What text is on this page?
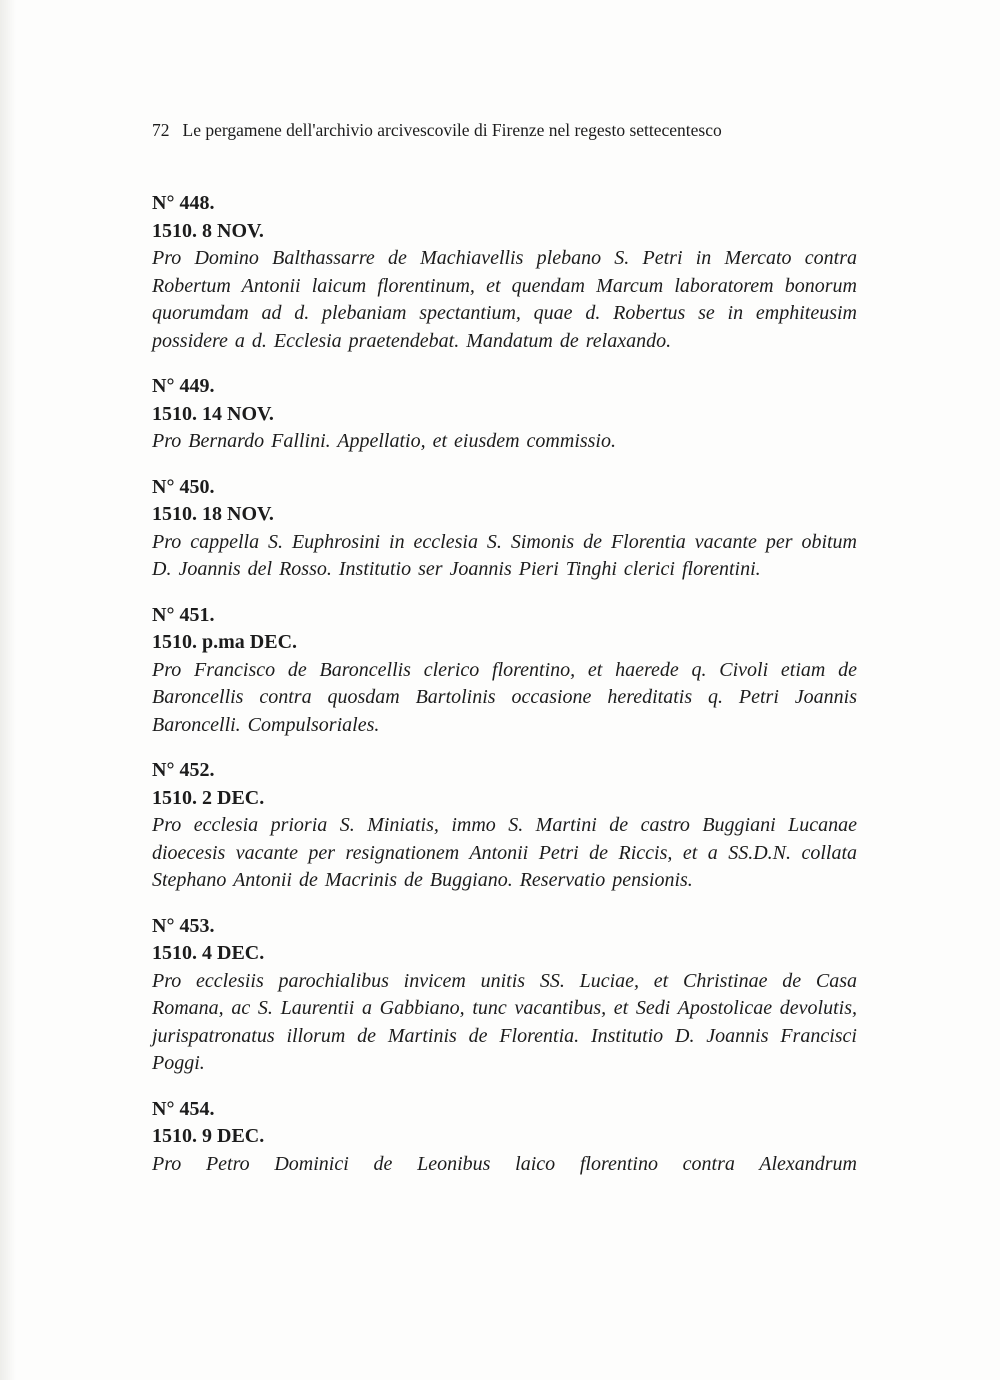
72 Le pergamene dell'archivio arcivescovile di Firenze nel regesto settecentesco
N° 448.
1510. 8 NOV.

Pro Domino Balthassarre de Machiavellis plebano S. Petri in Mercato contra Robertum Antonii laicum florentinum, et quendam Marcum laboratorem bonorum quorumdam ad d. plebaniam spectantium, quae d. Robertus se in emphiteusim possidere a d. Ecclesia praetendebat. Mandatum de relaxando.

N° 449.
1510. 14 NOV.

Pro Bernardo Fallini. Appellatio, et eiusdem commissio.

N° 450.
1510. 18 NOV.

Pro cappella S. Euphrosini in ecclesia S. Simonis de Florentia vacante per obitum D. Joannis del Rosso. Institutio ser Joannis Pieri Tinghi clerici florentini.

N° 451.
1510. p.ma DEC.

Pro Francisco de Baroncellis clerico florentino, et haerede q. Civoli etiam de Baroncellis contra quosdam Bartolinis occasione hereditatis q. Petri Joannis Baroncelli. Compulsoriales.

N° 452.
1510. 2 DEC.

Pro ecclesia prioria S. Miniatis, immo S. Martini de castro Buggiani Lucanae dioecesis vacante per resignationem Antonii Petri de Riccis, et a SS.D.N. collata Stephano Antonii de Macrinis de Buggiano. Reservatio pensionis.

N° 453.
1510. 4 DEC.

Pro ecclesiis parochialibus invicem unitis SS. Luciae, et Christinae de Casa Romana, ac S. Laurentii a Gabbiano, tunc vacantibus, et Sedi Apostolicae devolutis, jurispatronatus illorum de Martinis de Florentia. Institutio D. Joannis Francisci Poggi.

N° 454.
1510. 9 DEC.

Pro Petro Dominici de Leonibus laico florentino contra Alexandrum
